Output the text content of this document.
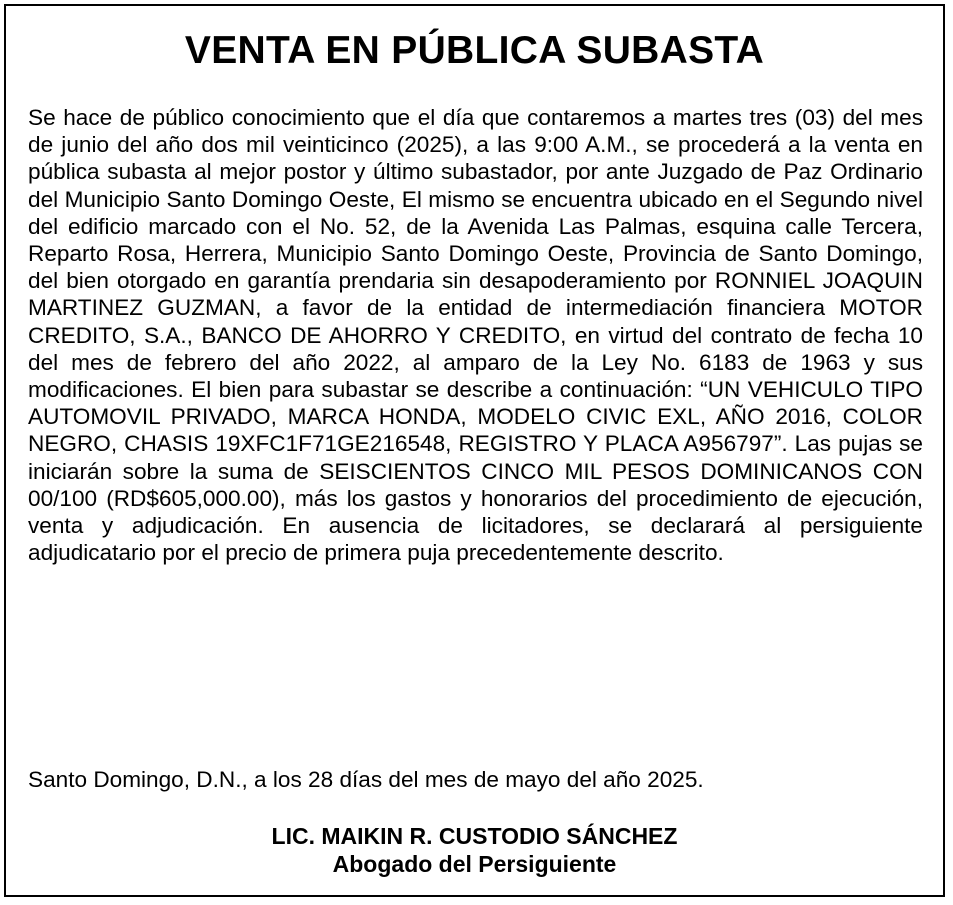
VENTA EN PÚBLICA SUBASTA

Se hace de público conocimiento que el día que contaremos a martes tres (03) del mes de junio del año dos mil veinticinco (2025), a las 9:00 A.M., se procederá a la venta en pública subasta al mejor postor y último subastador, por ante Juzgado de Paz Ordinario del Municipio Santo Domingo Oeste, El mismo se encuentra ubicado en el Segundo nivel del edificio marcado con el No. 52, de la Avenida Las Palmas, esquina calle Tercera, Reparto Rosa, Herrera, Municipio Santo Domingo Oeste, Provincia de Santo Domingo, del bien otorgado en garantía prendaria sin desapoderamiento por RONNIEL JOAQUIN MARTINEZ GUZMAN, a favor de la entidad de intermediación financiera MOTOR CREDITO, S.A., BANCO DE AHORRO Y CREDITO, en virtud del contrato de fecha 10 del mes de febrero del año 2022, al amparo de la Ley No. 6183 de 1963 y sus modificaciones. El bien para subastar se describe a continuación: “UN VEHICULO TIPO AUTOMOVIL PRIVADO, MARCA HONDA, MODELO CIVIC EXL, AÑO 2016, COLOR NEGRO, CHASIS 19XFC1F71GE216548, REGISTRO Y PLACA A956797”. Las pujas se iniciarán sobre la suma de SEISCIENTOS CINCO MIL PESOS DOMINICANOS CON 00/100 (RD$605,000.00), más los gastos y honorarios del procedimiento de ejecución, venta y adjudicación. En ausencia de licitadores, se declarará al persiguiente adjudicatario por el precio de primera puja precedentemente descrito.

Santo Domingo, D.N., a los 28 días del mes de mayo del año 2025.

LIC. MAIKIN R. CUSTODIO SÁNCHEZ
Abogado del Persiguiente
